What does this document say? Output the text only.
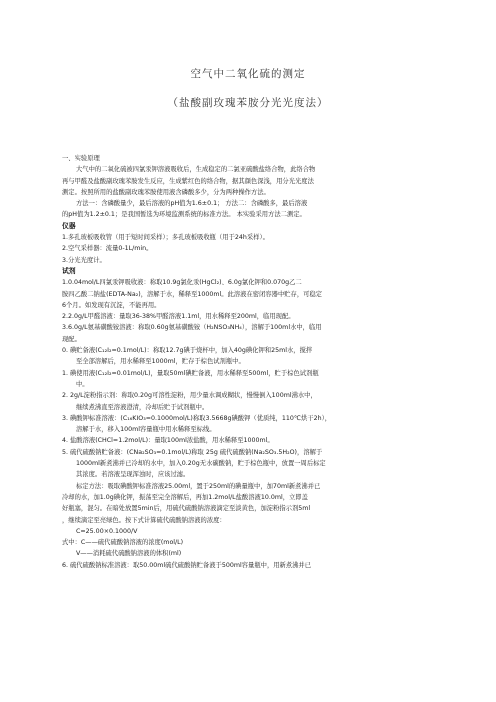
空气中二氧化硫的测定
（盐酸副玫瑰苯胺分光光度法）
一、实验原理
大气中的二氧化硫被四氯汞钾溶液吸收后，生成稳定的二氯亚硫酸盐络合物，此络合物
再与甲醛及盐酸副玫瑰苯胺发生反应，生成紫红色的络合物，据其颜色深浅，用分光光度法
测定。按照所用的盐酸副玫瑰苯胺使用液含磷酸多少，分为两种操作方法。
方法一：含磷酸量少，最后溶液的pH值为1.6±0.1； 方法二：含磷酸多，最后溶液
的pH值为1.2±0.1；是我国暂选为环境监测系统的标准方法。 本实验采用方法二测定。
仪器
1.多孔玻板吸收管（用于短时间采样）；多孔玻板吸收瓶（用于24h采样）。
2.空气采样器：流量0-1L/min。
3.分光光度计。
试剂
1.0.04mol/L四氯汞钾吸收液：称取10.9g氯化汞(HgCl₂)、6.0g氯化钾和0.070g乙二
胺四乙酸二钠盐(EDTA-Na₂)，溶解于水，稀释至1000ml。此溶液在密闭容器中贮存，可稳定
6个月。如发现有沉淀，不能再用。
2.2.0g/L甲醛溶液：量取36-38%甲醛溶液1.1ml，用水稀释至200ml，临用现配。
3.6.0g/L氨基磺酸铵溶液：称取0.60g氨基磺酸铵（H₂NSO₃NH₄），溶解于100ml水中，临用
现配。
0. 碘贮备液(C₁₂I₂=0.1mol/L)：称取12.7g碘于烧杯中，加入40g碘化钾和25ml水，搅拌
至全部溶解后，用水稀释至1000ml，贮存于棕色试剂瓶中。
1. 碘使用液(C₁₂I₂=0.01mol/L)，量取50ml碘贮备液，用水稀释至500ml，贮于棕色试剂瓶
中。
2. 2g/L淀粉指示剂：称取0.20g可溶性淀粉，用少量水调成糊状，慢慢倒入100ml沸水中，
继续煮沸直至溶液澄清，冷却后贮于试剂瓶中。
3. 碘酸钾标准溶液：(C₁₆KIO₃=0.1000mol/L)称取3.5668g碘酸钾（优质纯，110℃烘干2h），
溶解于水，移入100ml容量瓶中用水稀释至标线。
4. 盐酸溶液(CHCl=1.2mol/L)：量取100ml浓盐酸，用水稀释至1000ml。
5. 硫代硫酸钠贮备液：(CNa₂SO₃=0.1mol/L)称取 25g 硫代硫酸钠(Na₂SO₃.5H₂O)，溶解于
1000ml新煮沸并已冷却的水中，加入0.20g无水碳酸钠，贮于棕色瓶中，放置一周后标定
其浓度。若溶液呈现浑浊时，应该过滤。
标定方法：吸取碘酸钾标准溶液25.00ml，置于250ml的碘量瓶中，加70ml新煮沸并已
冷却的水，加1.0g碘化钾，振荡至完全溶解后，再加1.2mol/L盐酸溶液10.0ml，立即盖
好瓶塞，混匀。在暗处放置5min后，用硫代硫酸钠溶液滴定至淡黄色，加淀粉指示剂5ml
，继续滴定至亮绿色。按下式计算硫代硫酸钠溶液的浓度：
C=25.00×0.1000/V
式中：C——硫代硫酸钠溶液的浓度(mol/L)
V——消耗硫代硫酸钠溶液的体积(ml)
6. 硫代硫酸钠标准溶液：取50.00ml硫代硫酸钠贮备液于500ml容量瓶中，用新煮沸并已
